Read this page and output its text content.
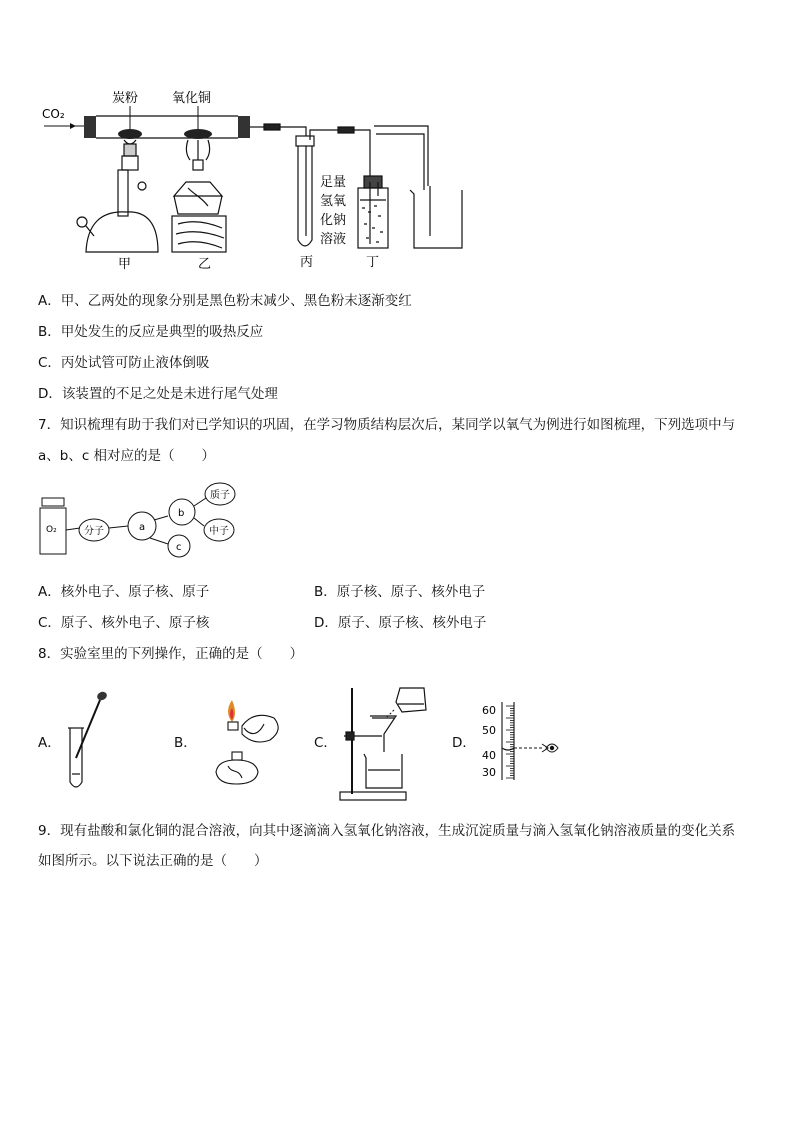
CO₂
炭粉	氧化铜
甲	乙	丙
足量
氢氧
化钠
溶液
丁
A．甲、乙两处的现象分别是黑色粉末减少、黑色粉末逐渐变红
B．甲处发生的反应是典型的吸热反应
C．丙处试管可防止液体倒吸
D．该装置的不足之处是未进行尾气处理
7．知识梳理有助于我们对已学知识的巩固，在学习物质结构层次后，某同学以氧气为例进行如图梳理，下列选项中与
a、b、c 相对应的是（　　）
O₂	分子	a
b
c
质子
中子
A．核外电子、原子核、原子	B．原子核、原子、核外电子
C．原子、核外电子、原子核	D．原子、原子核、核外电子
8．实验室里的下列操作，正确的是（　　）
A．	B．	C．	D．
60
50
40
30
9．现有盐酸和氯化铜的混合溶液，向其中逐滴滴入氢氧化钠溶液，生成沉淀质量与滴入氢氧化钠溶液质量的变化关系
如图所示。以下说法正确的是（　　）
